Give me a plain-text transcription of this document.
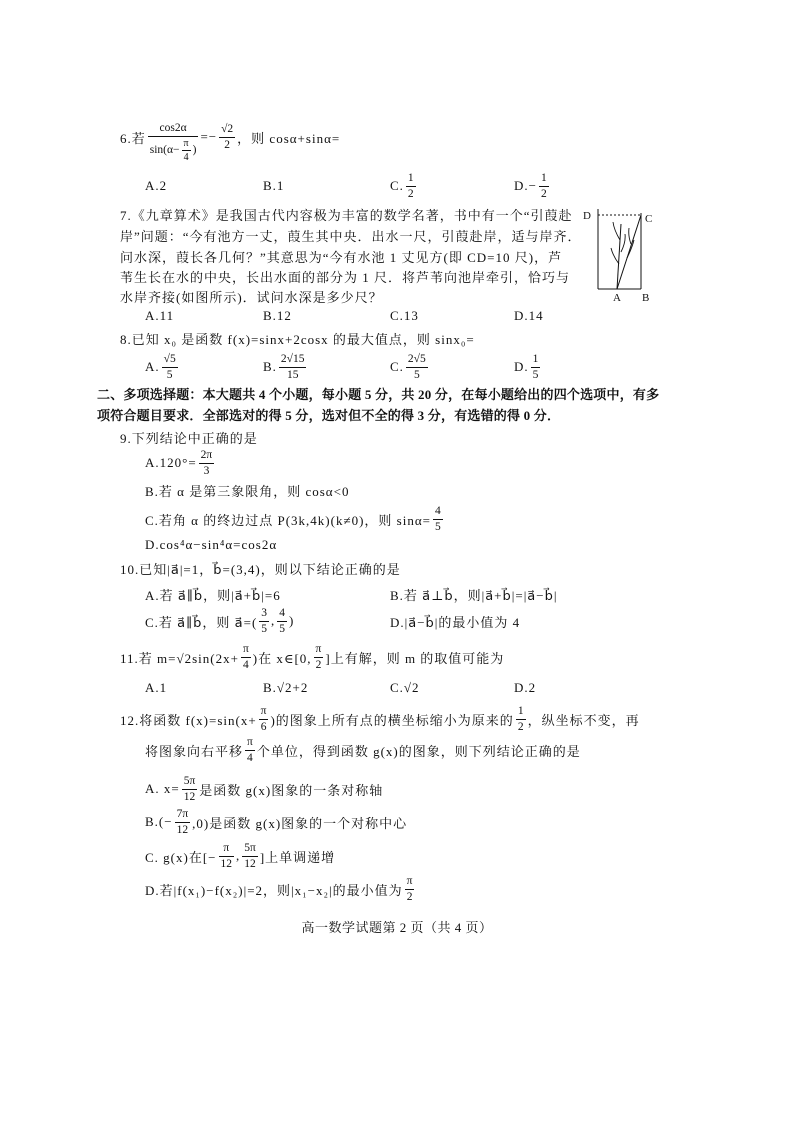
6.若 $\frac{\cos 2\alpha}{\sin(\alpha- \frac{\pi}{4} )} =- \frac{√2}{2}$ ，则 cosα+sinα=
A.2	B.1	C. $\frac{1}{2}$	$D.- \frac{1}{2}$
7.《九章算术》是我国古代内容极为丰富的数学名著，书中有一个“引葭赴
岸”问题：“今有池方一丈，葭生其中央．出水一尺，引葭赴岸，适与岸齐．
问水深，葭长各几何？”其意思为“今有水池 1 丈见方(即 CD=10 尺)，芦
苇生长在水的中央，长出水面的部分为 1 尺．将芦苇向池岸牵引，恰巧与
水岸齐接(如图所示)．试问水深是多少尺？
A.11	B.12	C.13	D.14
D	C
A B
8.已知 x₀ 是函数 f(x)=sinx+2cosx 的最大值点，则 sinx₀=
A. $\frac{√5}{5}$	B. $\frac{2√15}{15}$	C. $\frac{2√5}{5}$	D. $\frac{1}{5}$
二、多项选择题：本大题共 4 个小题，每小题 5 分，共 20 分，在每小题给出的四个选项中，有多
项符合题目要求．全部选对的得 5 分，选对但不全的得 3 分，有选错的得 0 分．
9.下列结论中正确的是
$A.120^\circ= \frac{2\pi}{3}$
B.若 α 是第三象限角，则 cosα<0
C.若角 α 的终边过点 P(3k,4k)(k≠0)，则 $\sin\alpha= \frac{4}{5}$
D.cos⁴α−sin⁴α=cos2α
10.已知|a⃗|=1，b⃗=(3,4)，则以下结论正确的是
A.若 a⃗∥b⃗，则|a⃗+b⃗|=6	B.若 a⃗⊥b⃗，则|a⃗+b⃗|=|a⃗−b⃗|
C.若 a⃗∥b⃗，则 a⃗=( $\frac{3}{5}$ , $\frac{4}{5}$ )	D.|a⃗−b⃗|的最小值为 4
11.若 $m=√2\sin(2x+ \frac{\pi}{4}$ )在 x∈[0, $\frac{\pi}{2}$ ]上有解，则 m 的取值可能为
A.1	B.√2+2	C.√2	D.2
12.将函数 $f(x)=\sin(x+ \frac{\pi}{6}$ )的图象上所有点的横坐标缩小为原来的 $\frac{1}{2}$ ，纵坐标不变，再
将图象向右平移 $\frac{\pi}{4}$ 个单位，得到函数 g(x)的图象，则下列结论正确的是
A. $x= \frac{5\pi}{12}$ 是函数 g(x)图象的一条对称轴
$B.(- \frac{7\pi}{12} ,0)$是函数 g(x)图象的一个对称中心
C. g(x)在[− $\frac{\pi}{12}$ , $\frac{5\pi}{12}$ ]上单调递增
D.若|f(x₁)−f(x₂)|=2，则|x₁−x₂|的最小值为 $\frac{\pi}{2}$
高一数学试题第 2 页（共 4 页）
